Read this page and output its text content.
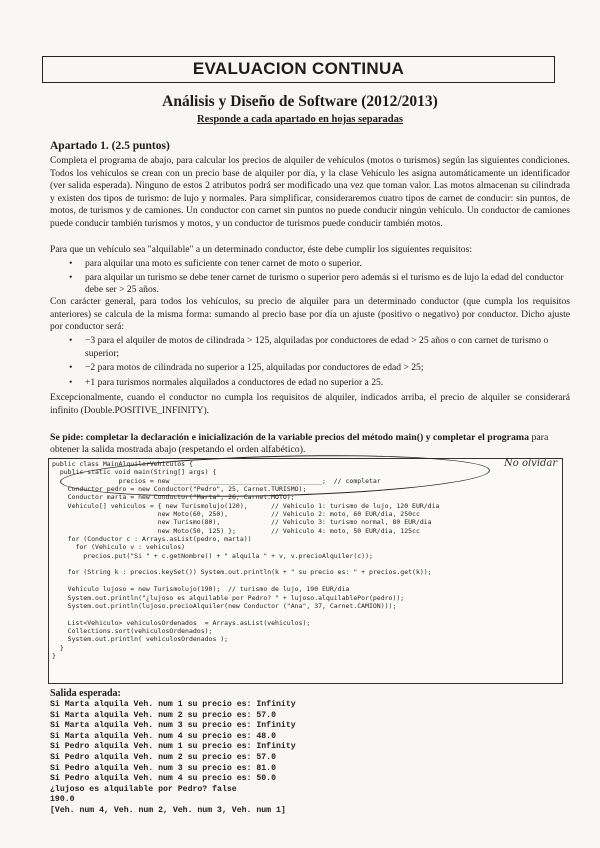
EVALUACION CONTINUA
Análisis y Diseño de Software (2012/2013)
Responde a cada apartado en hojas separadas
Apartado 1. (2.5 puntos)
Completa el programa de abajo, para calcular los precios de alquiler de vehículos (motos o turismos) según las siguientes condiciones. Todos los vehículos se crean con un precio base de alquiler por día, y la clase Vehículo les asigna automáticamente un identificador (ver salida esperada). Ninguno de estos 2 atributos podrá ser modificado una vez que toman valor. Las motos almacenan su cilindrada y existen dos tipos de turismo: de lujo y normales. Para simplificar, consideraremos cuatro tipos de carnet de conducir: sin puntos, de motos, de turismos y de camiones. Un conductor con carnet sin puntos no puede conducir ningún vehículo. Un conductor de camiones puede conducir también turismos y motos, y un conductor de turismos puede conducir también motos.
Para que un vehículo sea "alquilable" a un determinado conductor, éste debe cumplir los siguientes requisitos:
• para alquilar una moto es suficiente con tener carnet de moto o superior.
• para alquilar un turismo se debe tener carnet de turismo o superior pero además si el turismo es de lujo la edad del conductor debe ser > 25 años.
Con carácter general, para todos los vehículos, su precio de alquiler para un determinado conductor (que cumpla los requisitos anteriores) se calcula de la misma forma: sumando al precio base por día un ajuste (positivo o negativo) por conductor. Dicho ajuste por conductor será:
• −3 para el alquiler de motos de cilindrada > 125, alquiladas por conductores de edad > 25 años o con carnet de turismo o superior;
• −2 para motos de cilindrada no superior a 125, alquiladas por conductores de edad > 25;
• +1 para turismos normales alquilados a conductores de edad no superior a 25.
Excepcionalmente, cuando el conductor no cumpla los requisitos de alquiler, indicados arriba, el precio de alquiler se considerará infinito (Double.POSITIVE_INFINITY).
Se pide: completar la declaración e inicialización de la variable precios del método main() y completar el programa para obtener la salida mostrada abajo (respetando el orden alfabético).
public class MainAlquilerVehiculos {
public static void main(String[] args) {
precios = new ______________________________________;  // completar
Conductor pedro = new Conductor("Pedro", 25, Carnet.TURISMO);
Conductor marta = new Conductor("Marta", 26, Carnet.MOTO);
Vehiculo[] vehiculos = { new Turismolujo(120),      // Vehiculo 1: turismo de lujo, 120 EUR/dia
new Moto(60, 250),           // Vehiculo 2: moto, 60 EUR/dia, 250cc
new Turismo(80),             // Vehiculo 3: turismo normal, 80 EUR/dia
new Moto(50, 125) };         // Vehiculo 4: moto, 50 EUR/dia, 125cc
for (Conductor c : Arrays.asList(pedro, marta))
for (Vehiculo v : vehiculos)
precios.put("Si " + c.getNombre() + " alquila " + v, v.precioAlquiler(c));

for (String k : precios.keySet()) System.out.println(k + " su precio es: " + precios.get(k));

Vehiculo lujoso = new Turismolujo(190);  // turismo de lujo, 190 EUR/dia
System.out.println("¿lujoso es alquilable por Pedro? " + lujoso.alquilablePor(pedro));
System.out.println(lujoso.precioAlquiler(new Conductor ("Ana", 37, Carnet.CAMION)));

List<Vehiculo> vehiculosOrdenados  = Arrays.asList(vehiculos);
Collections.sort(vehiculosOrdenados);
System.out.println( vehiculosOrdenados );
}
}
No olvidar
Salida esperada:
Si Marta alquila Veh. num 1 su precio es: Infinity
Si Marta alquila Veh. num 2 su precio es: 57.0
Si Marta alquila Veh. num 3 su precio es: Infinity
Si Marta alquila Veh. num 4 su precio es: 48.0
Si Pedro alquila Veh. num 1 su precio es: Infinity
Si Pedro alquila Veh. num 2 su precio es: 57.0
Si Pedro alquila Veh. num 3 su precio es: 81.0
Si Pedro alquila Veh. num 4 su precio es: 50.0
¿lujoso es alquilable por Pedro? false
190.0
[Veh. num 4, Veh. num 2, Veh. num 3, Veh. num 1]
